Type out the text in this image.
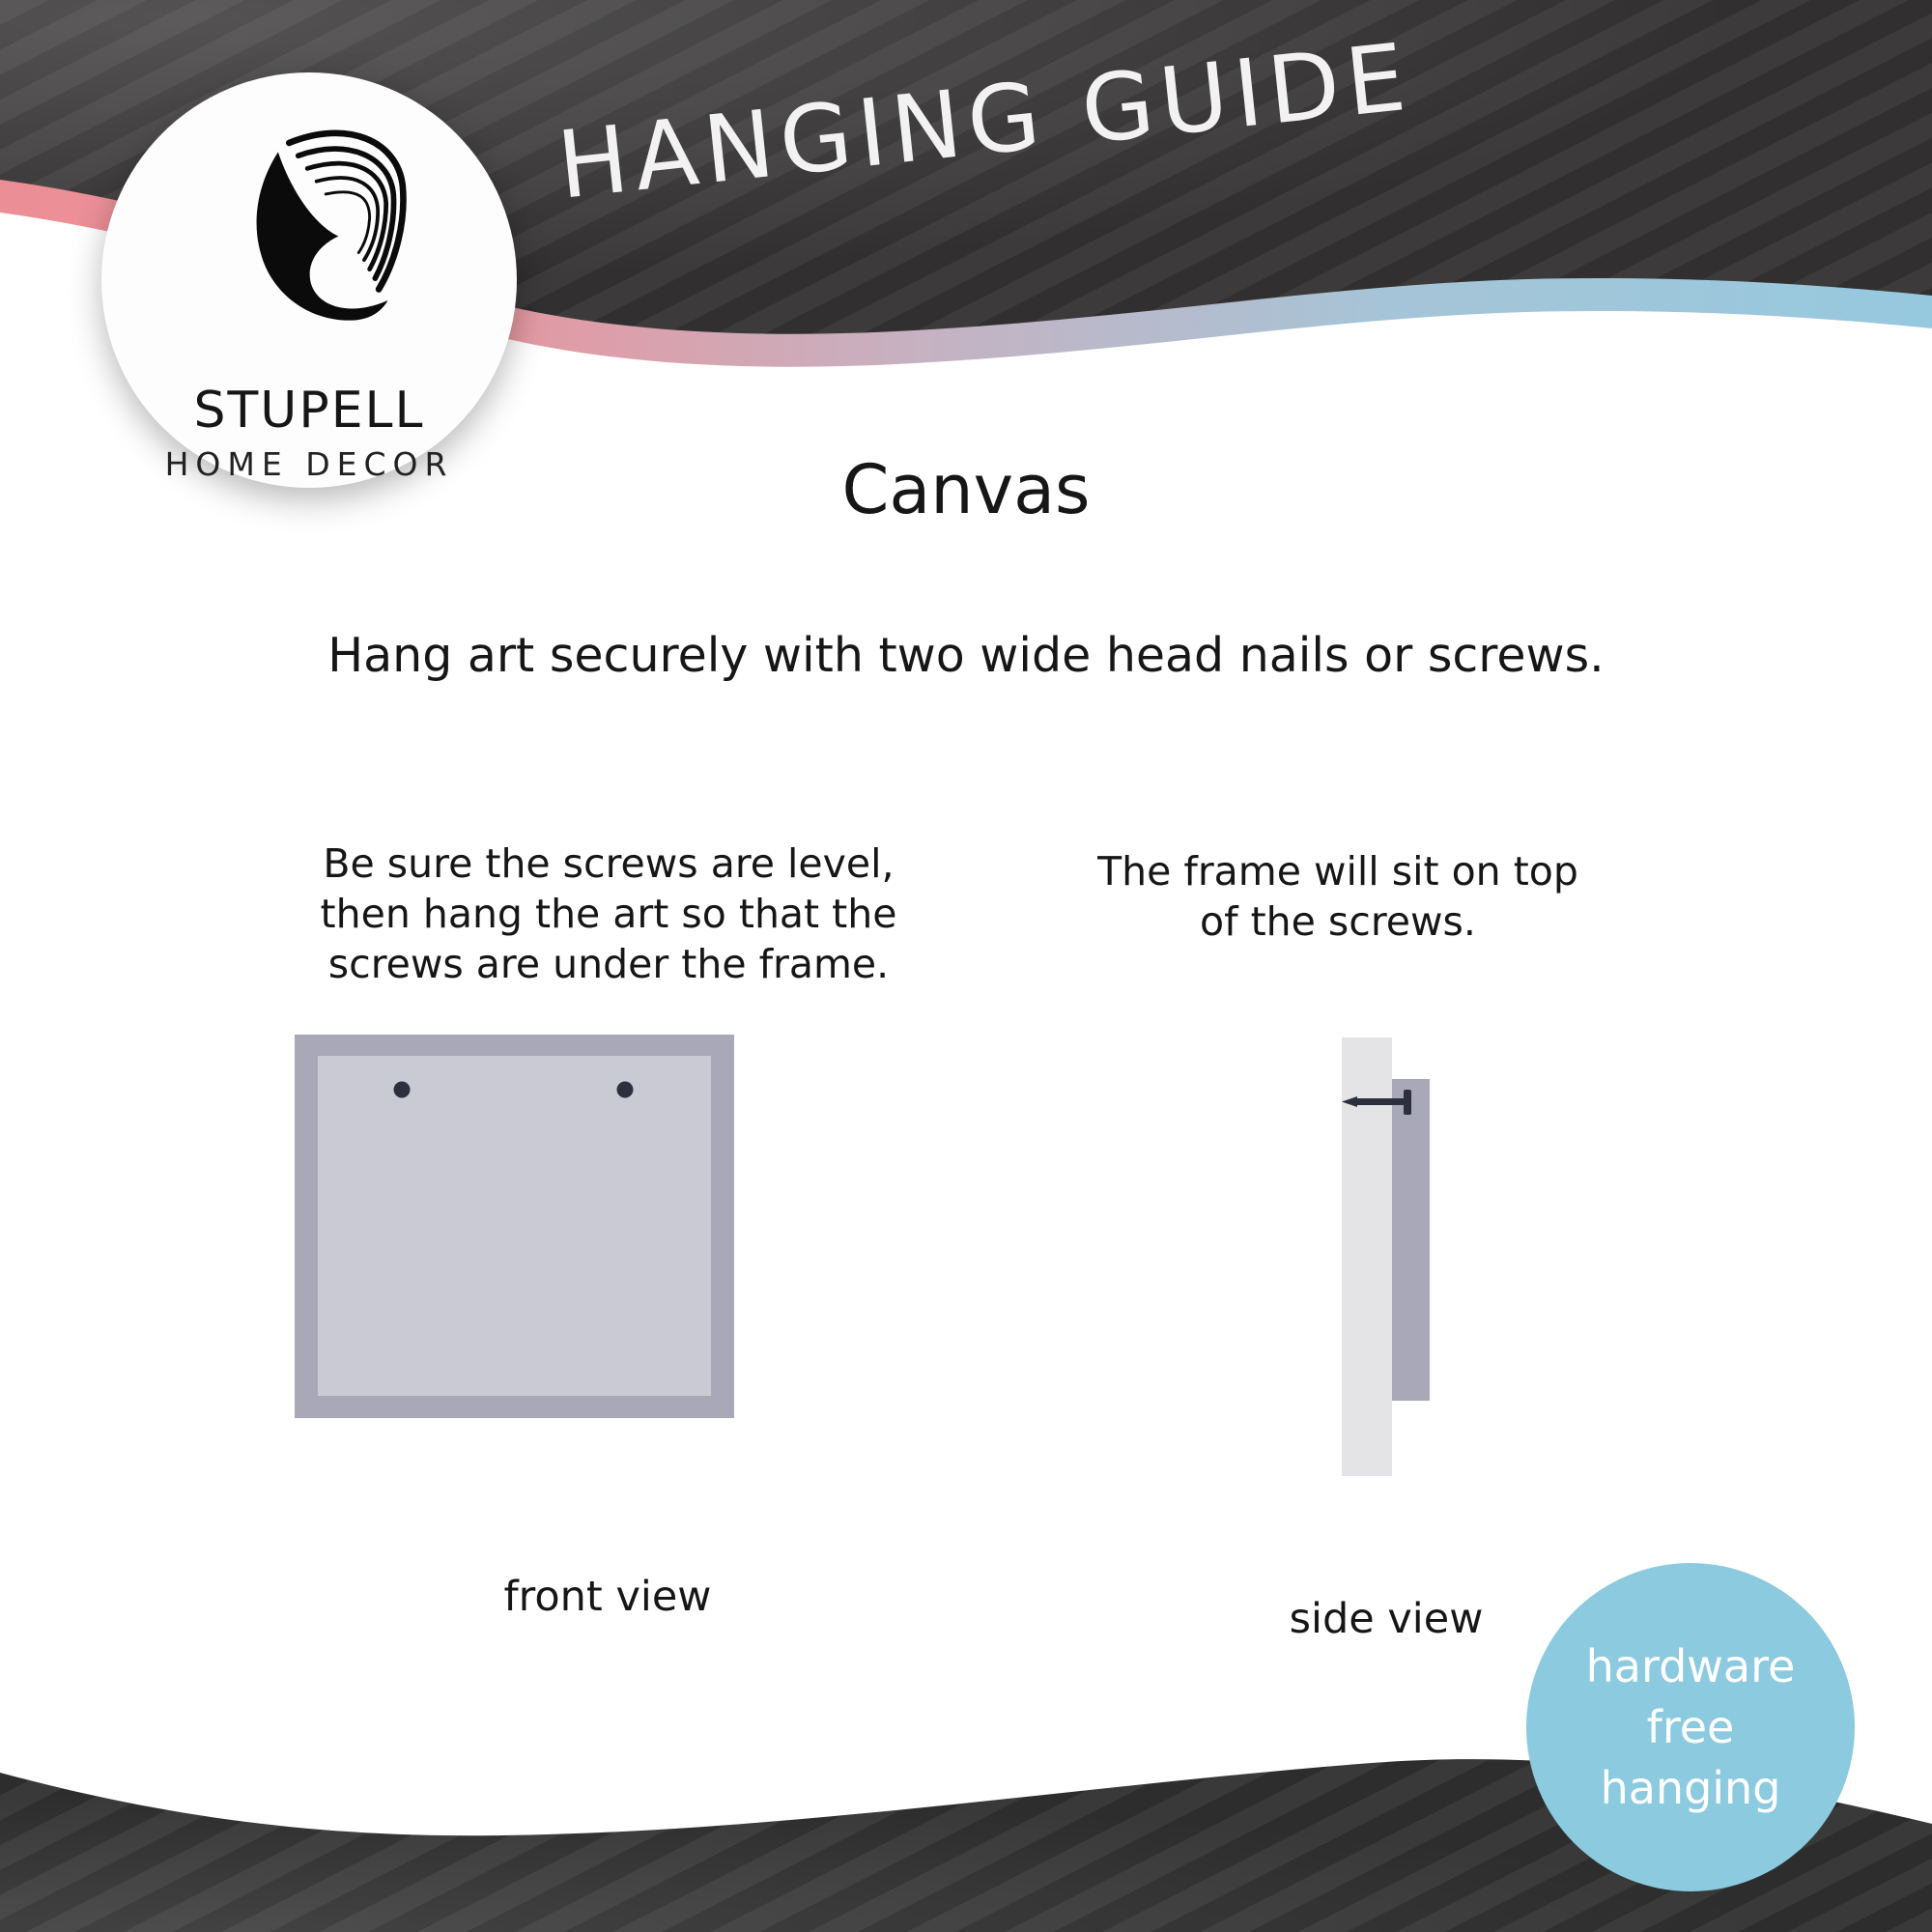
STUPELL
HOME DECOR
HANGING GUIDE
Canvas
Hang art securely with two wide head nails or screws.
Be sure the screws are level,
then hang the art so that the
screws are under the frame.
front view
The frame will sit on top
of the screws.
side view
hardware
free
hanging
